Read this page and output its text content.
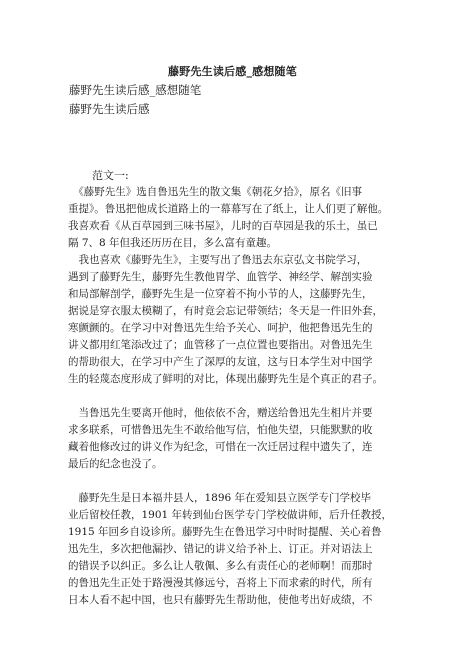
藤野先生读后感_感想随笔
藤野先生读后感_感想随笔
藤野先生读后感
范文一:
　《藤野先生》选自鲁迅先生的散文集《朝花夕拾》，原名《旧事
重提》。鲁迅把他成长道路上的一幕幕写在了纸上，让人们更了解他。
我喜欢看《从百草园到三味书屋》，儿时的百草园是我的乐土，虽已
隔 7、8 年但我还历历在目，多么富有童趣。
　我也喜欢《藤野先生》，主要写出了鲁迅去东京弘文书院学习，
遇到了藤野先生，藤野先生教他胃学、血管学、神经学、解剖实验
和局部解剖学，藤野先生是一位穿着不拘小节的人，这藤野先生，
据说是穿衣服太模糊了，有时竟会忘记带领结；冬天是一件旧外套，
寒颤颤的。在学习中对鲁迅先生给予关心、呵护，他把鲁迅先生的
讲义都用红笔添改过了；血管移了一点位置也要指出。对鲁迅先生
的帮助很大，在学习中产生了深厚的友谊，这与日本学生对中国学
生的轻蔑态度形成了鲜明的对比，体现出藤野先生是个真正的君子。
　当鲁迅先生要离开他时，他依依不舍，赠送给鲁迅先生相片并要
求多联系，可惜鲁迅先生不敢给他写信，怕他失望，只能默默的收
藏着他修改过的讲义作为纪念，可惜在一次迁居过程中遗失了，连
最后的纪念也没了。
　藤野先生是日本福井县人，1896 年在爱知县立医学专门学校毕
业后留校任教，1901 年转到仙台医学专门学校做讲师，后升任教授，
1915 年回乡自设诊所。藤野先生在鲁迅学习中时时提醒、关心着鲁
迅先生，多次把他漏抄、错记的讲义给予补上、订正。并对语法上
的错误予以纠正。多么让人敬佩、多么有责任心的老师啊！而那时
的鲁迅先生正处于路漫漫其修远兮，吾将上下而求索的时代，所有
日本人看不起中国，也只有藤野先生帮助他，使他考出好成绩，不
